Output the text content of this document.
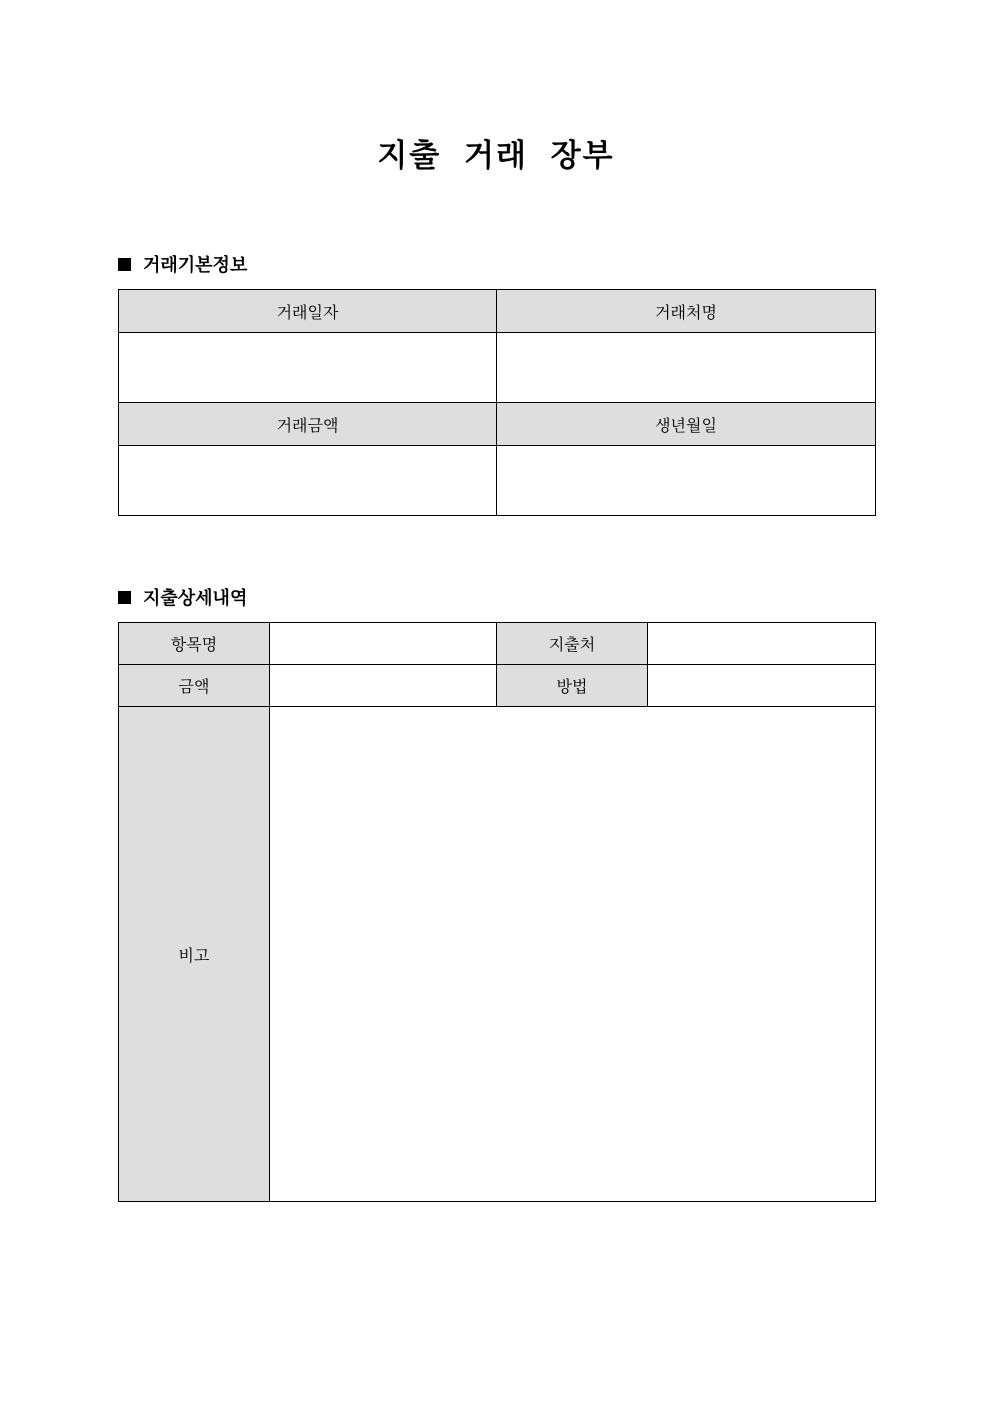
지출 거래 장부
거래기본정보
거래일자	거래처명

거래금액	생년월일

지출상세내역
항목명		지출처	
금액		방법	
비고			
